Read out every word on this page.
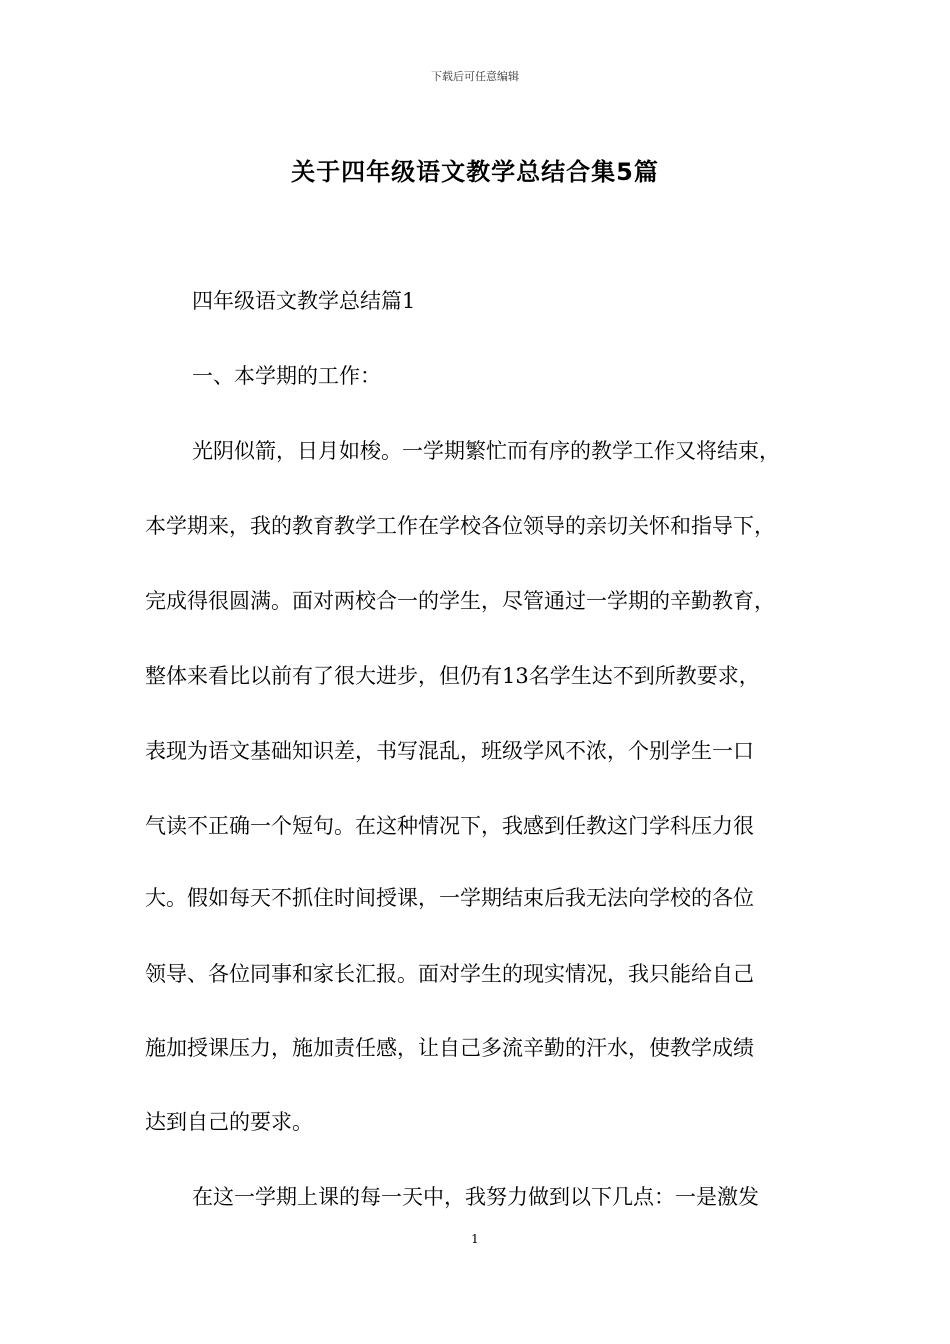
下载后可任意编辑
关于四年级语文教学总结合集5篇
四年级语文教学总结篇1
一、本学期的工作：
光阴似箭，日月如梭。一学期繁忙而有序的教学工作又将结束，
本学期来，我的教育教学工作在学校各位领导的亲切关怀和指导下，
完成得很圆满。面对两校合一的学生，尽管通过一学期的辛勤教育，
整体来看比以前有了很大进步，但仍有13名学生达不到所教要求，
表现为语文基础知识差，书写混乱，班级学风不浓，个别学生一口
气读不正确一个短句。在这种情况下，我感到任教这门学科压力很
大。假如每天不抓住时间授课，一学期结束后我无法向学校的各位
领导、各位同事和家长汇报。面对学生的现实情况，我只能给自己
施加授课压力，施加责任感，让自己多流辛勤的汗水，使教学成绩
达到自己的要求。
在这一学期上课的每一天中，我努力做到以下几点：一是激发
1
